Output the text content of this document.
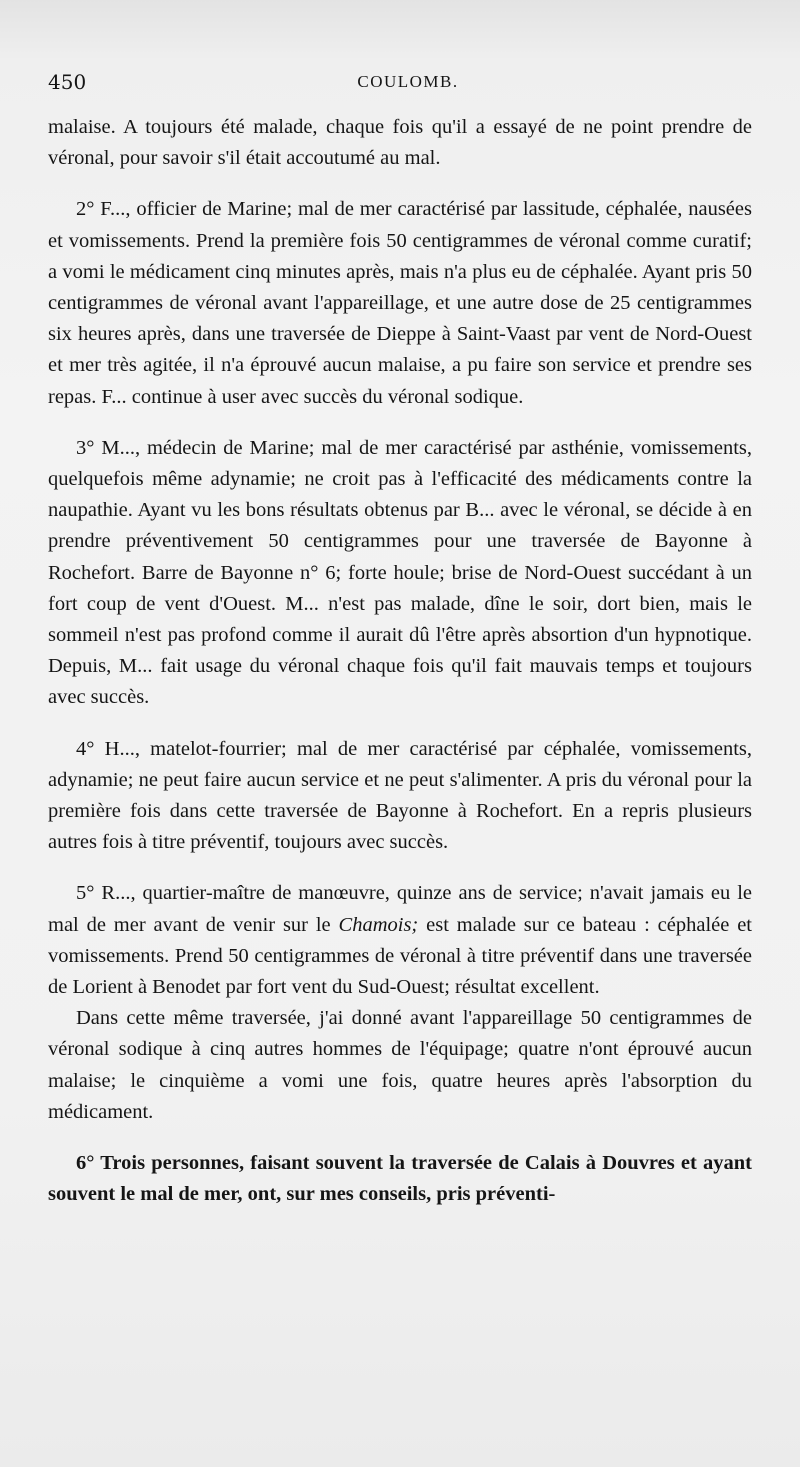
450	COULOMB.

malaise. A toujours été malade, chaque fois qu'il a essayé de ne point prendre de véronal, pour savoir s'il était accoutumé au mal.

2° F..., officier de Marine; mal de mer caractérisé par lassitude, céphalée, nausées et vomissements. Prend la première fois 50 centigrammes de véronal comme curatif; a vomi le médicament cinq minutes après, mais n'a plus eu de céphalée. Ayant pris 50 centigrammes de véronal avant l'appareillage, et une autre dose de 25 centigrammes six heures après, dans une traversée de Dieppe à Saint-Vaast par vent de Nord-Ouest et mer très agitée, il n'a éprouvé aucun malaise, a pu faire son service et prendre ses repas. F... continue à user avec succès du véronal sodique.

3° M..., médecin de Marine; mal de mer caractérisé par asthénie, vomissements, quelquefois même adynamie; ne croit pas à l'efficacité des médicaments contre la naupathie. Ayant vu les bons résultats obtenus par B... avec le véronal, se décide à en prendre préventivement 50 centigrammes pour une traversée de Bayonne à Rochefort. Barre de Bayonne n° 6; forte houle; brise de Nord-Ouest succédant à un fort coup de vent d'Ouest. M... n'est pas malade, dîne le soir, dort bien, mais le sommeil n'est pas profond comme il aurait dû l'être après absortion d'un hypnotique. Depuis, M... fait usage du véronal chaque fois qu'il fait mauvais temps et toujours avec succès.

4° H..., matelot-fourrier; mal de mer caractérisé par céphalée, vomissements, adynamie; ne peut faire aucun service et ne peut s'alimenter. A pris du véronal pour la première fois dans cette traversée de Bayonne à Rochefort. En a repris plusieurs autres fois à titre préventif, toujours avec succès.

5° R..., quartier-maître de manœuvre, quinze ans de service; n'avait jamais eu le mal de mer avant de venir sur le Chamois; est malade sur ce bateau : céphalée et vomissements. Prend 50 centigrammes de véronal à titre préventif dans une traversée de Lorient à Benodet par fort vent du Sud-Ouest; résultat excellent.

Dans cette même traversée, j'ai donné avant l'appareillage 50 centigrammes de véronal sodique à cinq autres hommes de l'équipage; quatre n'ont éprouvé aucun malaise; le cinquième a vomi une fois, quatre heures après l'absorption du médicament.

6° Trois personnes, faisant souvent la traversée de Calais à Douvres et ayant souvent le mal de mer, ont, sur mes conseils, pris préventi-
